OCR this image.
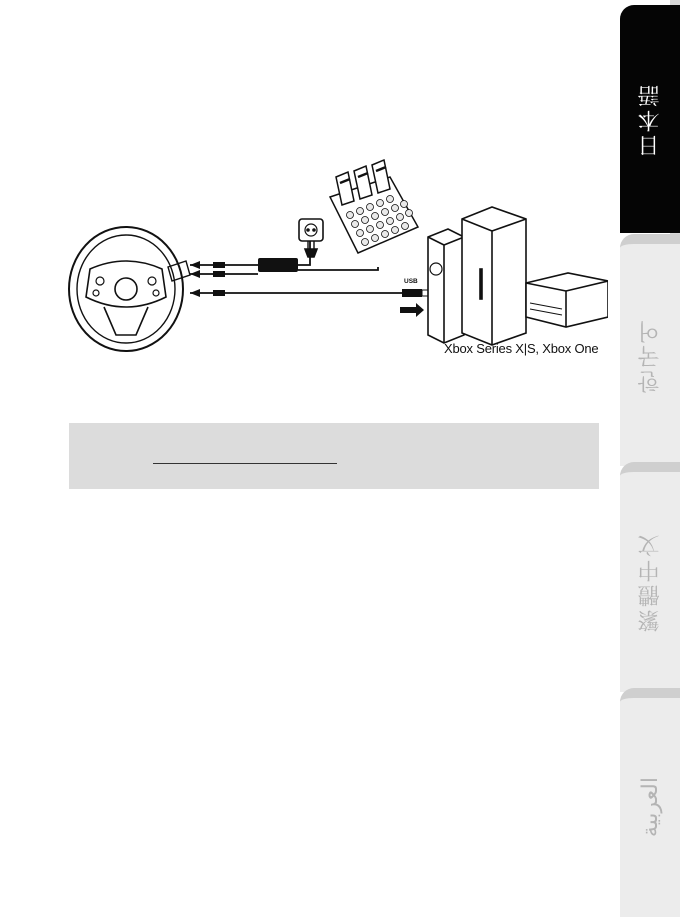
USB
Xbox Series X|S, Xbox One
日本語
한국어
繁體中文
العربية
